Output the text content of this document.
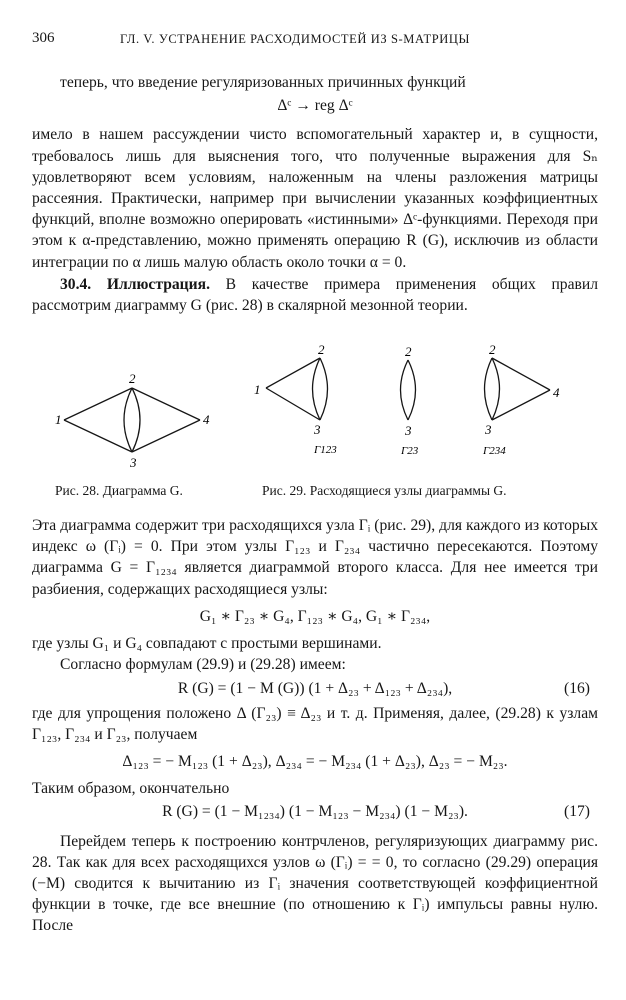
306	ГЛ. V. УСТРАНЕНИЕ РАСХОДИМОСТЕЙ ИЗ S-МАТРИЦЫ

теперь, что введение регуляризованных причинных функций

Δᶜ → reg Δᶜ

имело в нашем рассуждении чисто вспомогательный характер и, в сущности, требовалось лишь для выяснения того, что полученные выражения для Sₙ удовлетворяют всем условиям, наложенным на члены разложения матрицы рассеяния. Практически, например при вычислении указанных коэффициентных функций, вполне возможно оперировать «истинными» Δᶜ-функциями. Переходя при этом к α-представлению, можно применять операцию R (G), исключив из области интеграции по α лишь малую область около точки α = 0.

30.4. Иллюстрация. В качестве примера применения общих правил рассмотрим диаграмму G (рис. 28) в скалярной мезонной теории.

1
2
3
4
1
2
3
Γ123
2
3
Γ23
2
3
4
Γ234
Рис. 28. Диаграмма G.	Рис. 29. Расходящиеся узлы диаграммы G.

Эта диаграмма содержит три расходящихся узла Γᵢ (рис. 29), для каждого из которых индекс ω (Γᵢ) = 0. При этом узлы Γ₁₂₃ и Γ₂₃₄ частично пересекаются. Поэтому диаграмма G = Γ₁₂₃₄ является диаграммой второго класса. Для нее имеется три разбиения, содержащих расходящиеся узлы:

G₁ ∗ Γ₂₃ ∗ G₄, Γ₁₂₃ ∗ G₄, G₁ ∗ Γ₂₃₄,

где узлы G₁ и G₄ совпадают с простыми вершинами.

Согласно формулам (29.9) и (29.28) имеем:

R (G) = (1 − M (G)) (1 + Δ₂₃ + Δ₁₂₃ + Δ₂₃₄),	(16)

где для упрощения положено Δ (Γ₂₃) ≡ Δ₂₃ и т. д. Применяя, далее, (29.28) к узлам Γ₁₂₃, Γ₂₃₄ и Γ₂₃, получаем

Δ₁₂₃ = − M₁₂₃ (1 + Δ₂₃), Δ₂₃₄ = − M₂₃₄ (1 + Δ₂₃), Δ₂₃ = − M₂₃.

Таким образом, окончательно

R (G) = (1 − M₁₂₃₄) (1 − M₁₂₃ − M₂₃₄) (1 − M₂₃).	(17)

Перейдем теперь к построению контрчленов, регуляризующих диаграмму рис. 28. Так как для всех расходящихся узлов ω (Γᵢ) = = 0, то согласно (29.29) операция (−M) сводится к вычитанию из Γᵢ значения соответствующей коэффициентной функции в точке, где все внешние (по отношению к Γᵢ) импульсы равны нулю. После
